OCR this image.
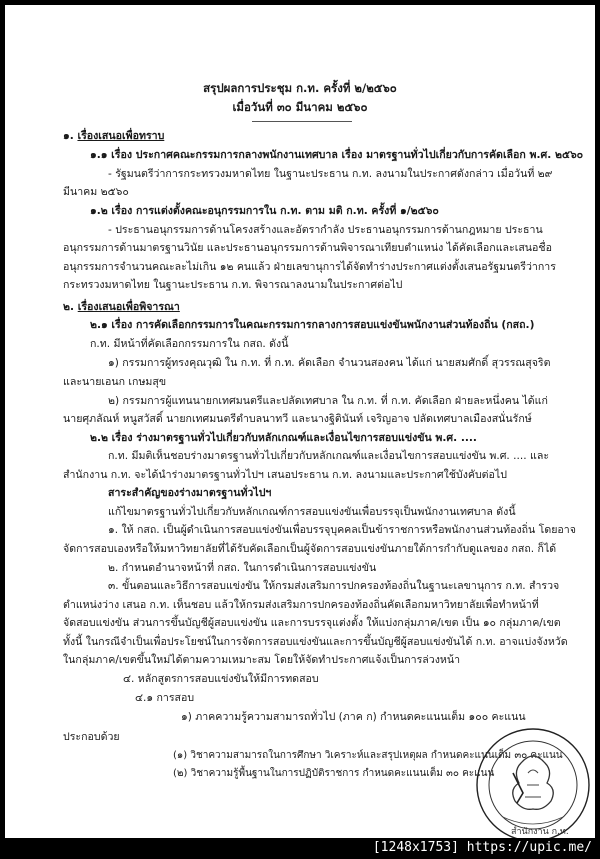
สรุปผลการประชุม ก.ท. ครั้งที่ ๒/๒๕๖๐
เมื่อวันที่ ๓๐ มีนาคม ๒๕๖๐
๑. เรื่องเสนอเพื่อทราบ
๑.๑ เรื่อง ประกาศคณะกรรมการกลางพนักงานเทศบาล เรื่อง มาตรฐานทั่วไปเกี่ยวกับการคัดเลือก พ.ศ. ๒๕๖๐
- รัฐมนตรีว่าการกระทรวงมหาดไทย ในฐานะประธาน ก.ท. ลงนามในประกาศดังกล่าว เมื่อวันที่ ๒๙
มีนาคม ๒๕๖๐
๑.๒ เรื่อง การแต่งตั้งคณะอนุกรรมการใน ก.ท. ตาม มติ ก.ท. ครั้งที่ ๑/๒๕๖๐
- ประธานอนุกรรมการด้านโครงสร้างและอัตรากำลัง ประธานอนุกรรมการด้านกฎหมาย ประธาน
อนุกรรมการด้านมาตรฐานวินัย และประธานอนุกรรมการด้านพิจารณาเทียบตำแหน่ง ได้คัดเลือกและเสนอชื่อ
อนุกรรมการจำนวนคณะละไม่เกิน ๑๒ คนแล้ว ฝ่ายเลขานุการได้จัดทำร่างประกาศแต่งตั้งเสนอรัฐมนตรีว่าการ
กระทรวงมหาดไทย ในฐานะประธาน ก.ท. พิจารณาลงนามในประกาศต่อไป
๒. เรื่องเสนอเพื่อพิจารณา
๒.๑ เรื่อง การคัดเลือกกรรมการในคณะกรรมการกลางการสอบแข่งขันพนักงานส่วนท้องถิ่น (กสถ.)
ก.ท. มีหน้าที่คัดเลือกกรรมการใน กสถ. ดังนี้
๑) กรรมการผู้ทรงคุณวุฒิ ใน ก.ท. ที่ ก.ท. คัดเลือก จำนวนสองคน ได้แก่ นายสมศักดิ์ สุวรรณสุจริต
และนายเอนก เกษมสุข
๒) กรรมการผู้แทนนายกเทศมนตรีและปลัดเทศบาล ใน ก.ท. ที่ ก.ท. คัดเลือก ฝ่ายละหนึ่งคน ได้แก่
นายศุภลัณห์ หนูสวัสดิ์ นายกเทศมนตรีตำบลนาทวี และนางฐิตินันท์ เจริญอาจ ปลัดเทศบาลเมืองสนั่นรักษ์
๒.๒ เรื่อง ร่างมาตรฐานทั่วไปเกี่ยวกับหลักเกณฑ์และเงื่อนไขการสอบแข่งขัน พ.ศ. ....
ก.ท. มีมติเห็นชอบร่างมาตรฐานทั่วไปเกี่ยวกับหลักเกณฑ์และเงื่อนไขการสอบแข่งขัน พ.ศ. .... และ
สำนักงาน ก.ท. จะได้นำร่างมาตรฐานทั่วไปฯ เสนอประธาน ก.ท. ลงนามและประกาศใช้บังคับต่อไป
สาระสำคัญของร่างมาตรฐานทั่วไปฯ
แก้ไขมาตรฐานทั่วไปเกี่ยวกับหลักเกณฑ์การสอบแข่งขันเพื่อบรรจุเป็นพนักงานเทศบาล ดังนี้
๑. ให้ กสถ. เป็นผู้ดำเนินการสอบแข่งขันเพื่อบรรจุบุคคลเป็นข้าราชการหรือพนักงานส่วนท้องถิ่น โดยอาจ
จัดการสอบเองหรือให้มหาวิทยาลัยที่ได้รับคัดเลือกเป็นผู้จัดการสอบแข่งขันภายใต้การกำกับดูแลของ กสถ. ก็ได้
๒. กำหนดอำนาจหน้าที่ กสถ. ในการดำเนินการสอบแข่งขัน
๓. ขั้นตอนและวิธีการสอบแข่งขัน ให้กรมส่งเสริมการปกครองท้องถิ่นในฐานะเลขานุการ ก.ท. สำรวจ
ตำแหน่งว่าง เสนอ ก.ท. เห็นชอบ แล้วให้กรมส่งเสริมการปกครองท้องถิ่นคัดเลือกมหาวิทยาลัยเพื่อทำหน้าที่
จัดสอบแข่งขัน ส่วนการขึ้นบัญชีผู้สอบแข่งขัน และการบรรจุแต่งตั้ง ให้แบ่งกลุ่มภาค/เขต เป็น ๑๐ กลุ่มภาค/เขต
ทั้งนี้ ในกรณีจำเป็นเพื่อประโยชน์ในการจัดการสอบแข่งขันและการขึ้นบัญชีผู้สอบแข่งขันได้ ก.ท. อาจแบ่งจังหวัด
ในกลุ่มภาค/เขตขึ้นใหม่ได้ตามความเหมาะสม โดยให้จัดทำประกาศแจ้งเป็นการล่วงหน้า
๔. หลักสูตรการสอบแข่งขันให้มีการทดสอบ
๔.๑ การสอบ
๑) ภาคความรู้ความสามารถทั่วไป (ภาค ก) กำหนดคะแนนเต็ม ๑๐๐ คะแนน
ประกอบด้วย
(๑) วิชาความสามารถในการศึกษา วิเคราะห์และสรุปเหตุผล กำหนดคะแนนเต็ม ๓๐ คะแนน
(๒) วิชาความรู้พื้นฐานในการปฏิบัติราชการ กำหนดคะแนนเต็ม ๓๐ คะแนน
สำนักงาน ก.ท.
[1248x1753] https://upic.me/
